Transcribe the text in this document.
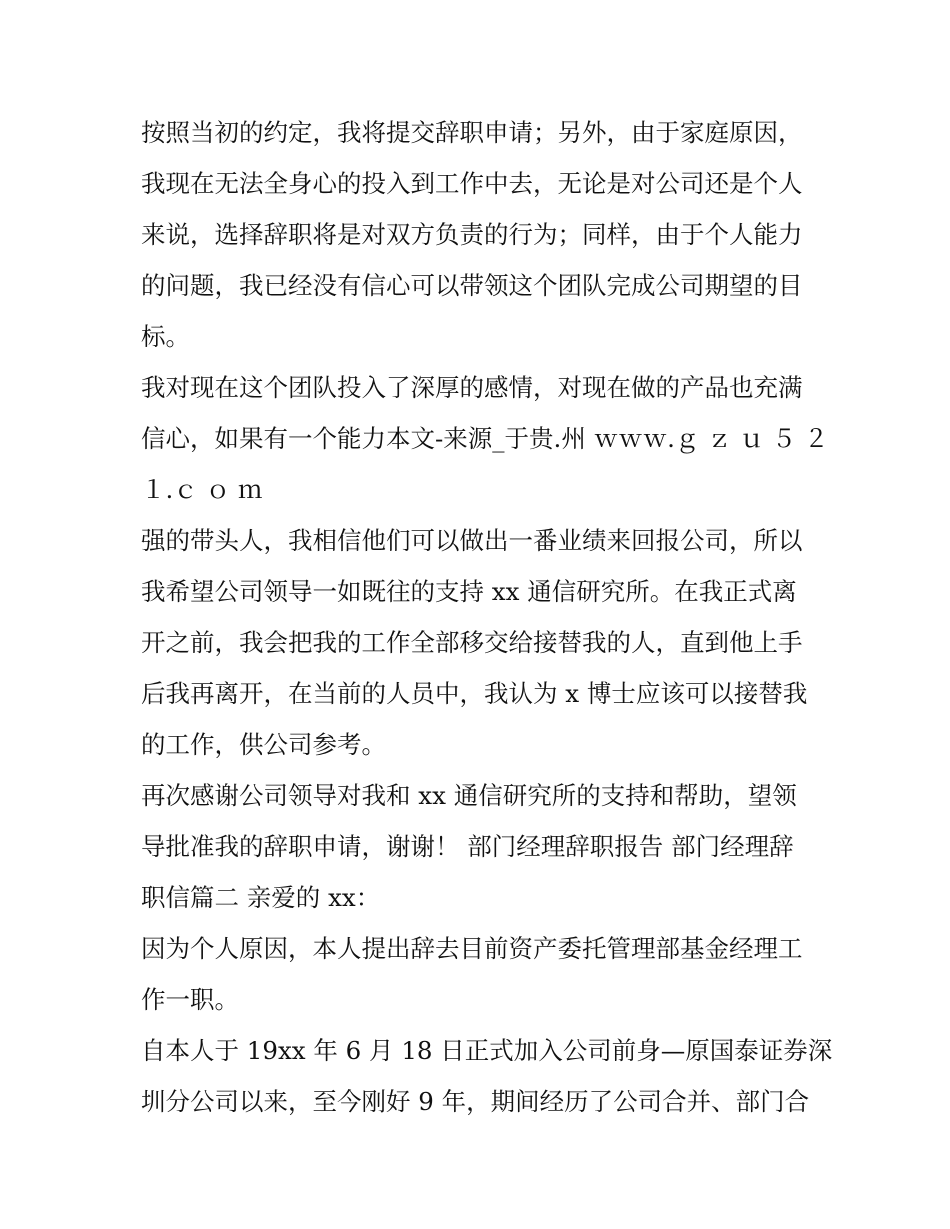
按照当初的约定，我将提交辞职申请；另外，由于家庭原因，
我现在无法全身心的投入到工作中去，无论是对公司还是个人
来说，选择辞职将是对双方负责的行为；同样，由于个人能力
的问题，我已经没有信心可以带领这个团队完成公司期望的目
标。
我对现在这个团队投入了深厚的感情，对现在做的产品也充满
信心，如果有一个能力本文-来源_于贵.州 ｗｗｗ.ｇ ｚ ｕ ５ ２
１.ｃ ｏ ｍ
强的带头人，我相信他们可以做出一番业绩来回报公司，所以
我希望公司领导一如既往的支持 xx 通信研究所。在我正式离
开之前，我会把我的工作全部移交给接替我的人，直到他上手
后我再离开，在当前的人员中，我认为 x 博士应该可以接替我
的工作，供公司参考。
再次感谢公司领导对我和 xx 通信研究所的支持和帮助，望领
导批准我的辞职申请，谢谢！ 部门经理辞职报告 部门经理辞
职信篇二 亲爱的 xx：
因为个人原因，本人提出辞去目前资产委托管理部基金经理工
作一职。
自本人于 19xx 年 6 月 18 日正式加入公司前身—原国泰证券深
圳分公司以来，至今刚好 9 年，期间经历了公司合并、部门合
